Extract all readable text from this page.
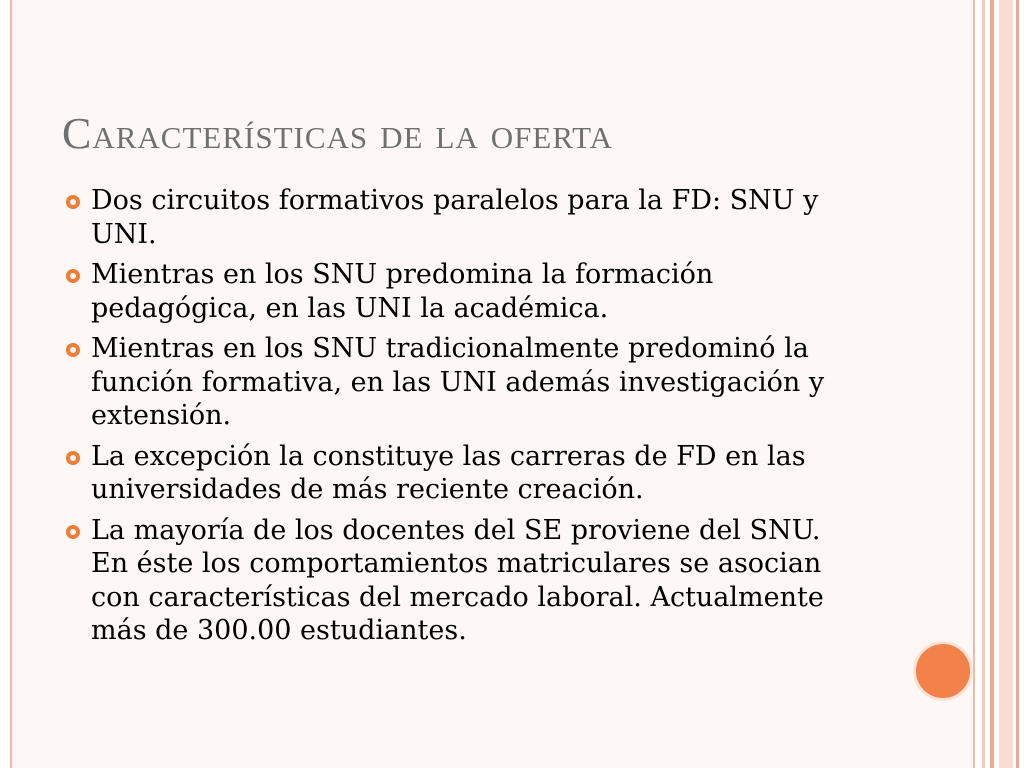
Características de la oferta
Dos circuitos formativos paralelos para la FD: SNU y UNI.
Mientras en los SNU predomina la formación pedagógica, en las UNI la académica.
Mientras en los SNU tradicionalmente predominó la función formativa, en las UNI además investigación y extensión.
La excepción la constituye las carreras de FD en las universidades de más reciente creación.
La mayoría de los docentes del SE proviene del SNU. En éste los comportamientos matriculares se asocian con características del mercado laboral. Actualmente más de 300.00 estudiantes.
